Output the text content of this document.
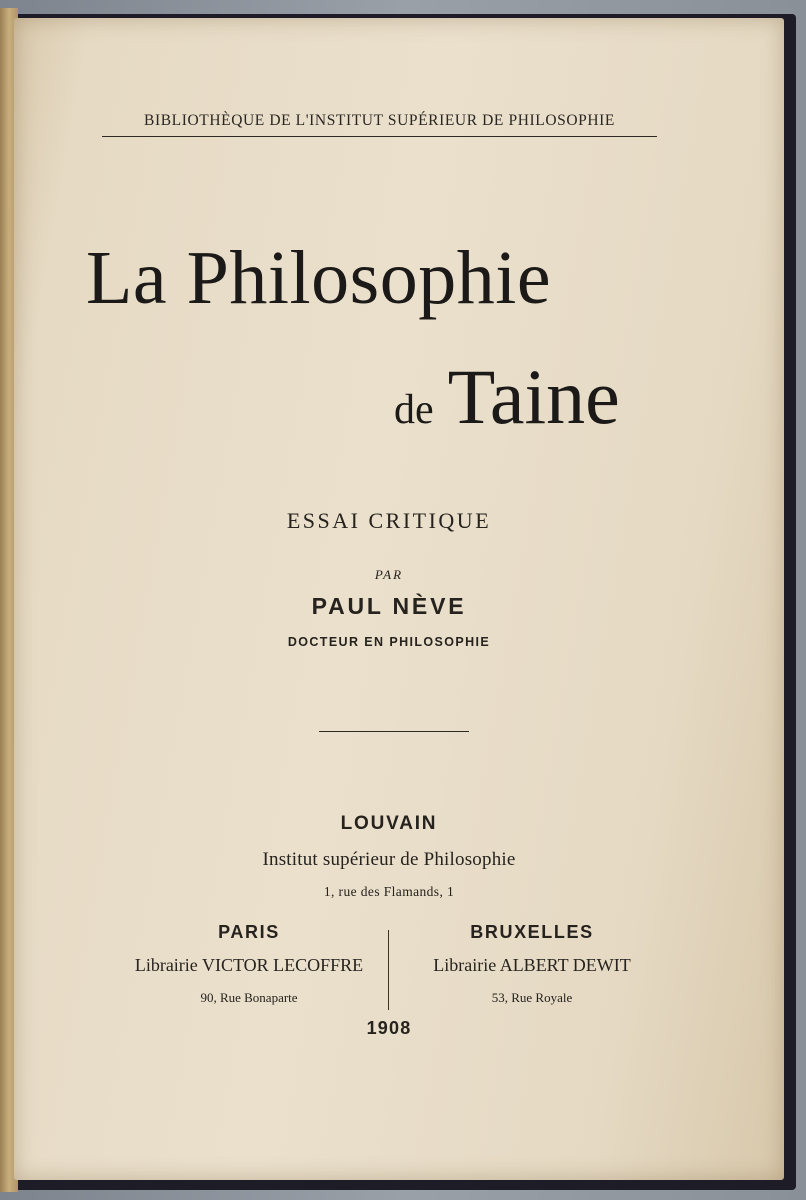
BIBLIOTHÈQUE DE L'INSTITUT SUPÉRIEUR DE PHILOSOPHIE
La Philosophie
de Taine
ESSAI CRITIQUE
PAR
PAUL NÈVE
DOCTEUR EN PHILOSOPHIE
LOUVAIN
Institut supérieur de Philosophie
1, rue des Flamands, 1
PARIS
Librairie VICTOR LECOFFRE
90, Rue Bonaparte
BRUXELLES
Librairie ALBERT DEWIT
53, Rue Royale
1908
